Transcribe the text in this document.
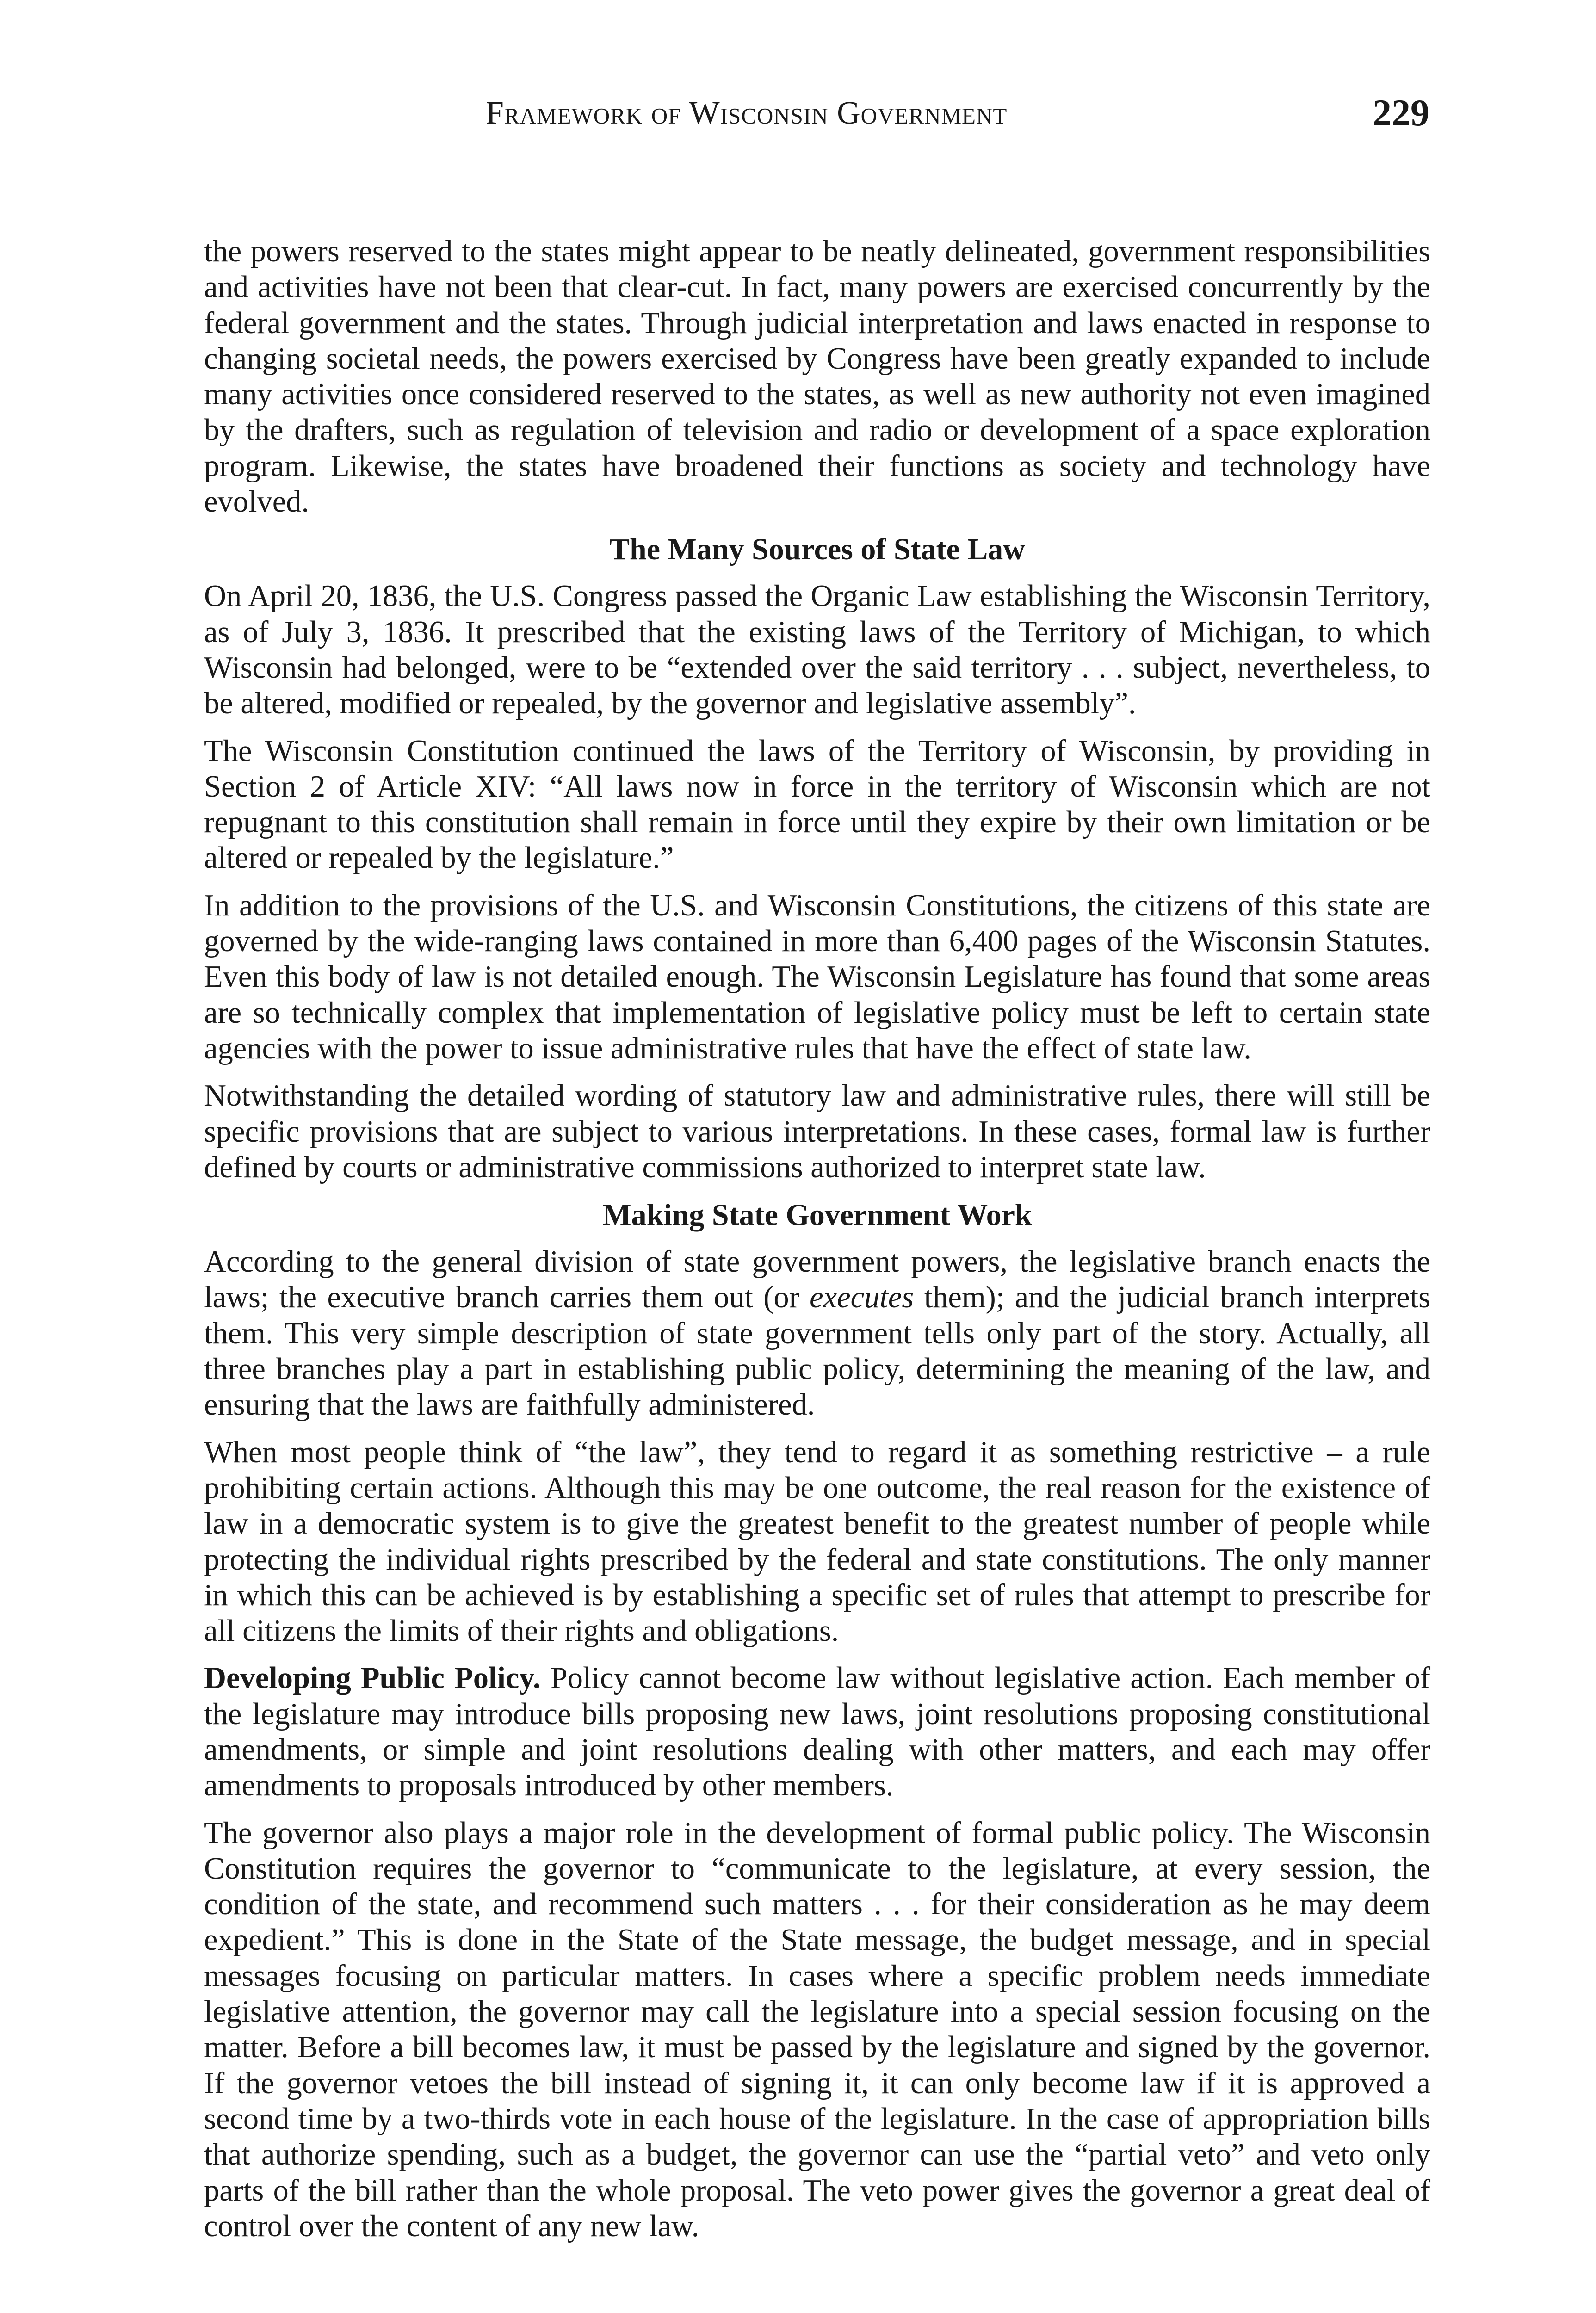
Framework of Wisconsin Government	229

the powers reserved to the states might appear to be neatly delineated, government responsibilities and activities have not been that clear-cut. In fact, many powers are exercised concurrently by the federal government and the states. Through judicial interpretation and laws enacted in response to changing societal needs, the powers exercised by Congress have been greatly expanded to include many activities once considered reserved to the states, as well as new authority not even imagined by the drafters, such as regulation of television and radio or development of a space exploration program. Likewise, the states have broadened their functions as society and technology have evolved.

The Many Sources of State Law

On April 20, 1836, the U.S. Congress passed the Organic Law establishing the Wisconsin Territory, as of July 3, 1836. It prescribed that the existing laws of the Territory of Michigan, to which Wisconsin had belonged, were to be “extended over the said territory . . . subject, nevertheless, to be altered, modified or repealed, by the governor and legislative assembly”.

The Wisconsin Constitution continued the laws of the Territory of Wisconsin, by providing in Section 2 of Article XIV: “All laws now in force in the territory of Wisconsin which are not repugnant to this constitution shall remain in force until they expire by their own limitation or be altered or repealed by the legislature.”

In addition to the provisions of the U.S. and Wisconsin Constitutions, the citizens of this state are governed by the wide-ranging laws contained in more than 6,400 pages of the Wisconsin Statutes. Even this body of law is not detailed enough. The Wisconsin Legislature has found that some areas are so technically complex that implementation of legislative policy must be left to certain state agencies with the power to issue administrative rules that have the effect of state law.

Notwithstanding the detailed wording of statutory law and administrative rules, there will still be specific provisions that are subject to various interpretations. In these cases, formal law is further defined by courts or administrative commissions authorized to interpret state law.

Making State Government Work

According to the general division of state government powers, the legislative branch enacts the laws; the executive branch carries them out (or executes them); and the judicial branch interprets them. This very simple description of state government tells only part of the story. Actually, all three branches play a part in establishing public policy, determining the meaning of the law, and ensuring that the laws are faithfully administered.

When most people think of “the law”, they tend to regard it as something restrictive – a rule prohibiting certain actions. Although this may be one outcome, the real reason for the existence of law in a democratic system is to give the greatest benefit to the greatest number of people while protecting the individual rights prescribed by the federal and state constitutions. The only manner in which this can be achieved is by establishing a specific set of rules that attempt to prescribe for all citizens the limits of their rights and obligations.

Developing Public Policy. Policy cannot become law without legislative action. Each member of the legislature may introduce bills proposing new laws, joint resolutions proposing constitutional amendments, or simple and joint resolutions dealing with other matters, and each may offer amendments to proposals introduced by other members.

The governor also plays a major role in the development of formal public policy. The Wisconsin Constitution requires the governor to “communicate to the legislature, at every session, the condition of the state, and recommend such matters . . . for their consideration as he may deem expedient.” This is done in the State of the State message, the budget message, and in special messages focusing on particular matters. In cases where a specific problem needs immediate legislative attention, the governor may call the legislature into a special session focusing on the matter. Before a bill becomes law, it must be passed by the legislature and signed by the governor. If the governor vetoes the bill instead of signing it, it can only become law if it is approved a second time by a two-thirds vote in each house of the legislature. In the case of appropriation bills that authorize spending, such as a budget, the governor can use the “partial veto” and veto only parts of the bill rather than the whole proposal. The veto power gives the governor a great deal of control over the content of any new law.
